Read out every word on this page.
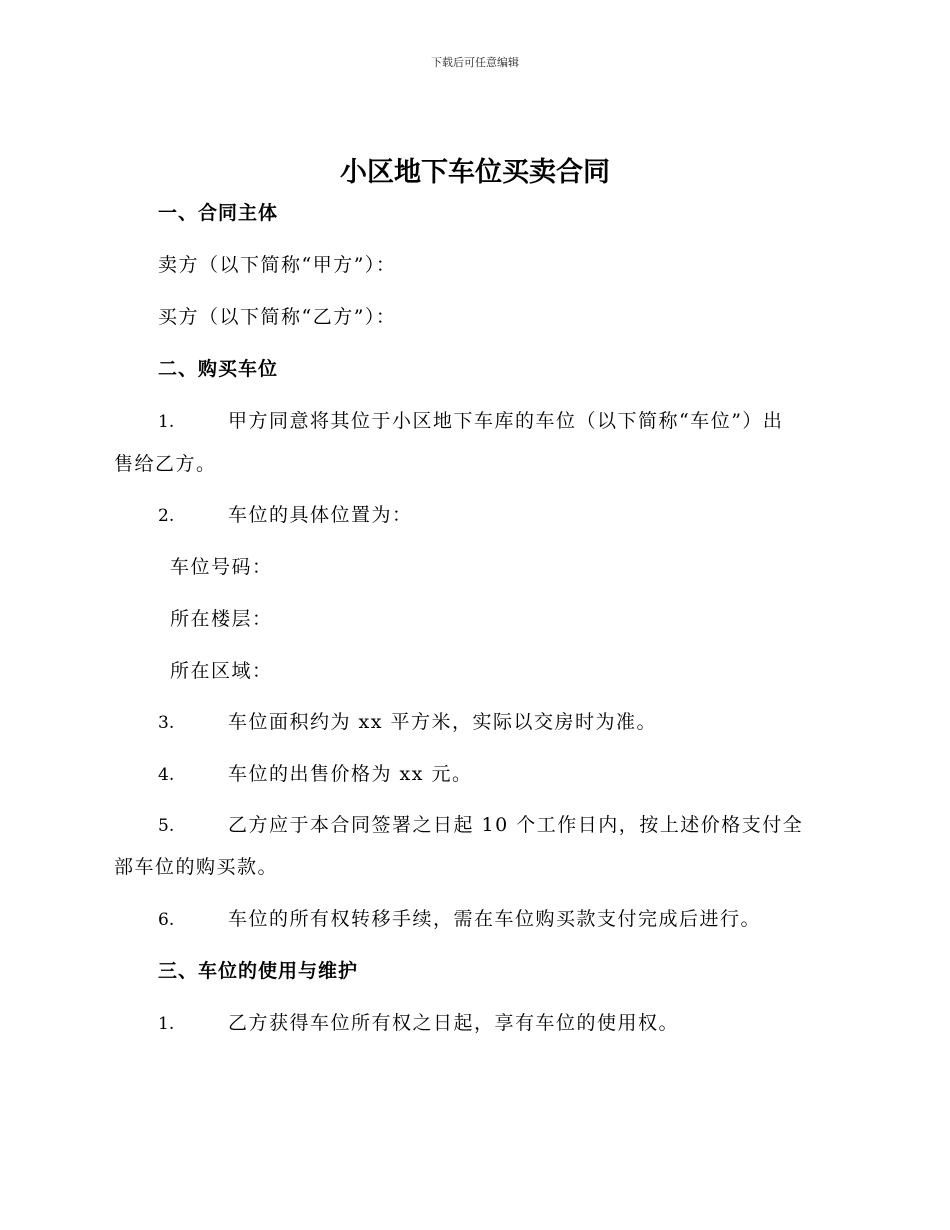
下载后可任意编辑
小区地下车位买卖合同
一、合同主体
卖方（以下简称“甲方”）：
买方（以下简称“乙方”）：
二、购买车位
1.	甲方同意将其位于小区地下车库的车位（以下简称“车位”）出
售给乙方。
2.	车位的具体位置为：
车位号码：
所在楼层：
所在区域：
3.	车位面积约为 xx 平方米，实际以交房时为准。
4.	车位的出售价格为 xx 元。
5.	乙方应于本合同签署之日起 10 个工作日内，按上述价格支付全
部车位的购买款。
6.	车位的所有权转移手续，需在车位购买款支付完成后进行。
三、车位的使用与维护
1.	乙方获得车位所有权之日起，享有车位的使用权。
